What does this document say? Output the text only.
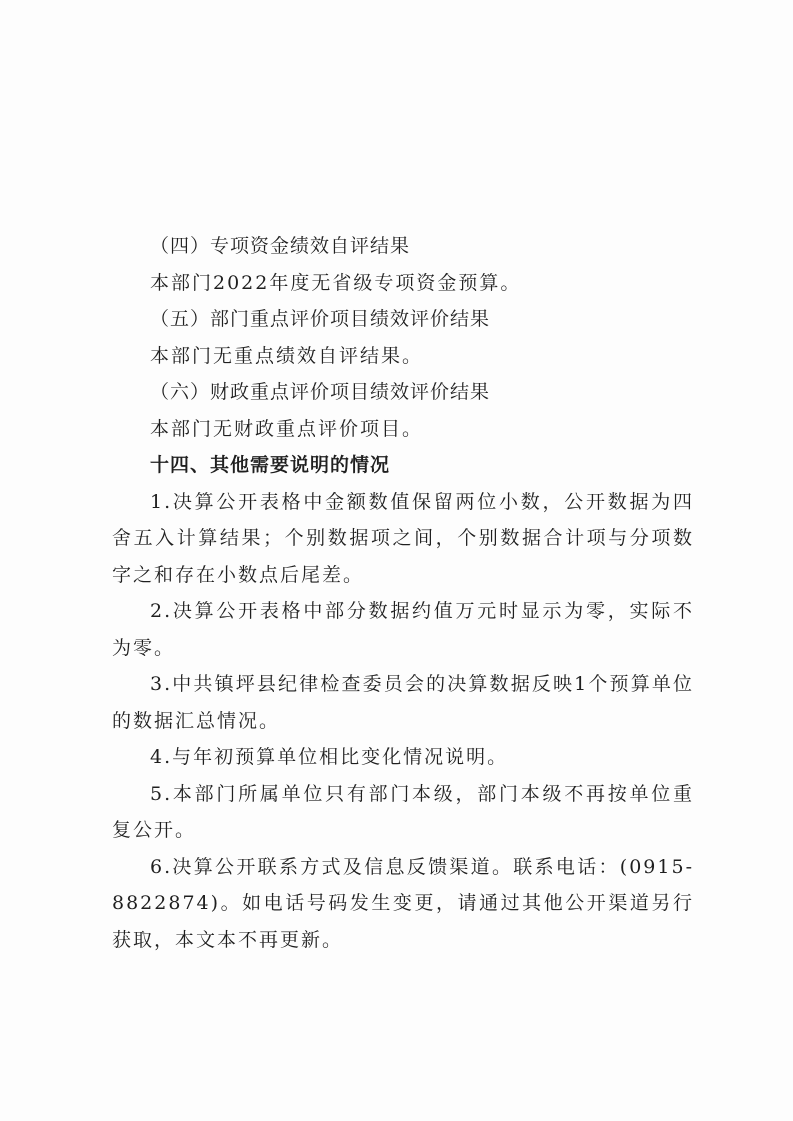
（四）专项资金绩效自评结果

本部门2022年度无省级专项资金预算。

（五）部门重点评价项目绩效评价结果

本部门无重点绩效自评结果。

（六）财政重点评价项目绩效评价结果

本部门无财政重点评价项目。

十四、其他需要说明的情况

1.决算公开表格中金额数值保留两位小数，公开数据为四舍五入计算结果；个别数据项之间，个别数据合计项与分项数字之和存在小数点后尾差。

2.决算公开表格中部分数据约值万元时显示为零，实际不为零。

3.中共镇坪县纪律检查委员会的决算数据反映1个预算单位的数据汇总情况。

4.与年初预算单位相比变化情况说明。

5.本部门所属单位只有部门本级，部门本级不再按单位重复公开。

6.决算公开联系方式及信息反馈渠道。联系电话：(0915-8822874)。如电话号码发生变更，请通过其他公开渠道另行获取，本文本不再更新。
